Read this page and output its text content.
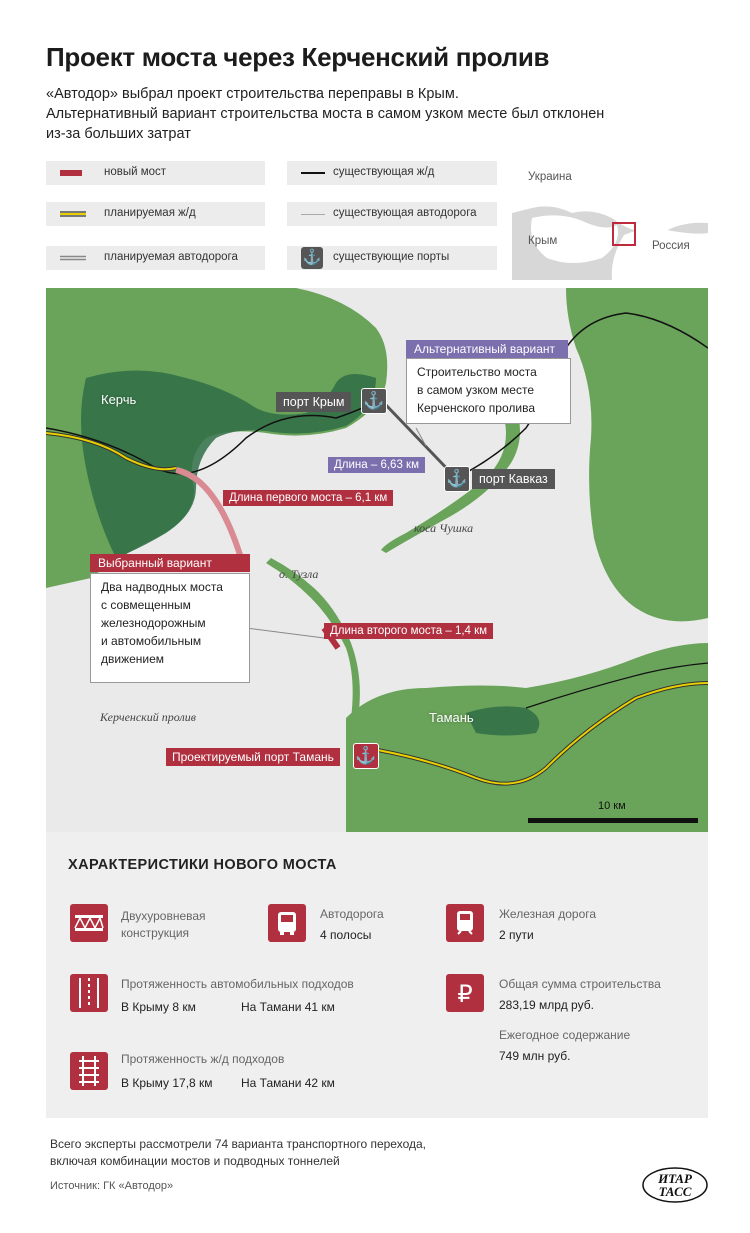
Проект моста через Керченский пролив
«Автодор» выбрал проект строительства переправы в Крым.
Альтернативный вариант строительства моста в самом узком месте был отклонен
из-за больших затрат
новый мост
планируемая ж/д
планируемая автодорога
существующая ж/д
существующая автодорога
⚓ существующие порты
Украина
Крым	Россия
Керчь
Тамань
порт Крым	⚓
⚓ порт Кавказ
Длина – 6,63 км
Длина первого моста – 6,1 км
Длина второго моста – 1,4 км
коса Чушка
о. Тузла
Керченский пролив
Альтернативный вариант
Строительство моста
в самом узком месте
Керченского пролива
Выбранный вариант
Два надводных моста
с совмещенным
железнодорожным
и автомобильным
движением
Проектируемый порт Тамань	⚓
10 км
ХАРАКТЕРИСТИКИ НОВОГО МОСТА
Двухуровневая
конструкция
Автодорога
4 полосы
Железная дорога
2 пути
Протяженность автомобильных подходов
В Крыму 8 км	На Тамани 41 км	₽ Общая сумма строительства
283,19 млрд руб.
Ежегодное содержание
749 млн руб.
Протяженность ж/д подходов
В Крыму 17,8 км На Тамани 42 км
Всего эксперты рассмотрели 74 варианта транспортного перехода,
включая комбинации мостов и подводных тоннелей
Источник: ГК «Автодор»	ИТАР
ТАСС
